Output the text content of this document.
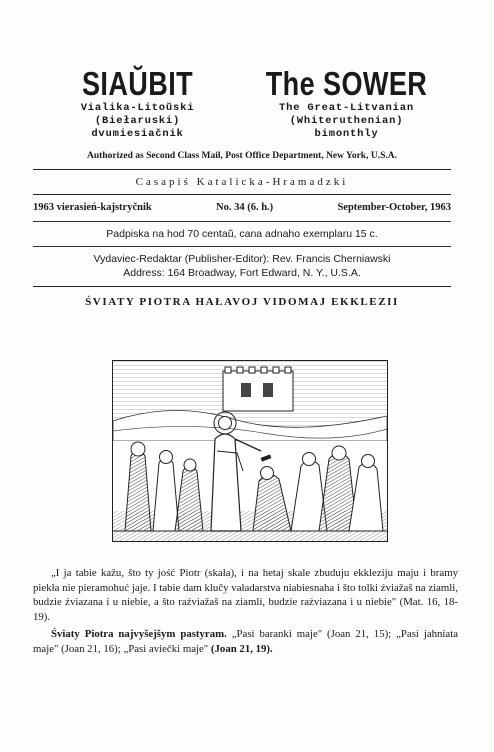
SIAŬBIT
Vialika-Litoŭski
(Biełaruski)
dvumiesiačnik
The SOWER
The Great-Litvanian
(Whiteruthenian)
bimonthly
Authorized as Second Class Mail, Post Office Department, New York, U.S.A.
Casapiś Katalicka-Hramadzki
1963 vierasień-kajstryčnik	No. 34 (6. h.)	September-October, 1963
Padpiska na hod 70 centaŭ, cana adnaho exemplaru 15 c.
Vydaviec-Redaktar (Publisher-Editor): Rev. Francis Cherniawski
Address: 164 Broadway, Fort Edward, N. Y., U.S.A.
ŚVIATY PIOTRA HAŁAVOJ VIDOMAJ EKKLEZII

„I ja tabie kažu, što ty jość Piotr (skała), i na hetaj skale zbuduju ekkleziju maju i bramy piekła nie pieramohuć jaje. I tabie dam klučy vaładarstva niabiesnaha i što tolki źviažaš na ziamli, budzie źviazana i u niebie, a što raźviažaš na ziamli, budzie raźviazana i u niebie" (Mat. 16, 18-19).

Śviaty Piotra najvyšejšym pastyram. „Pasi baranki maje" (Joan 21, 15); „Pasi jahniata maje" (Joan 21, 16); „Pasi aviečki maje" (Joan 21, 19).
